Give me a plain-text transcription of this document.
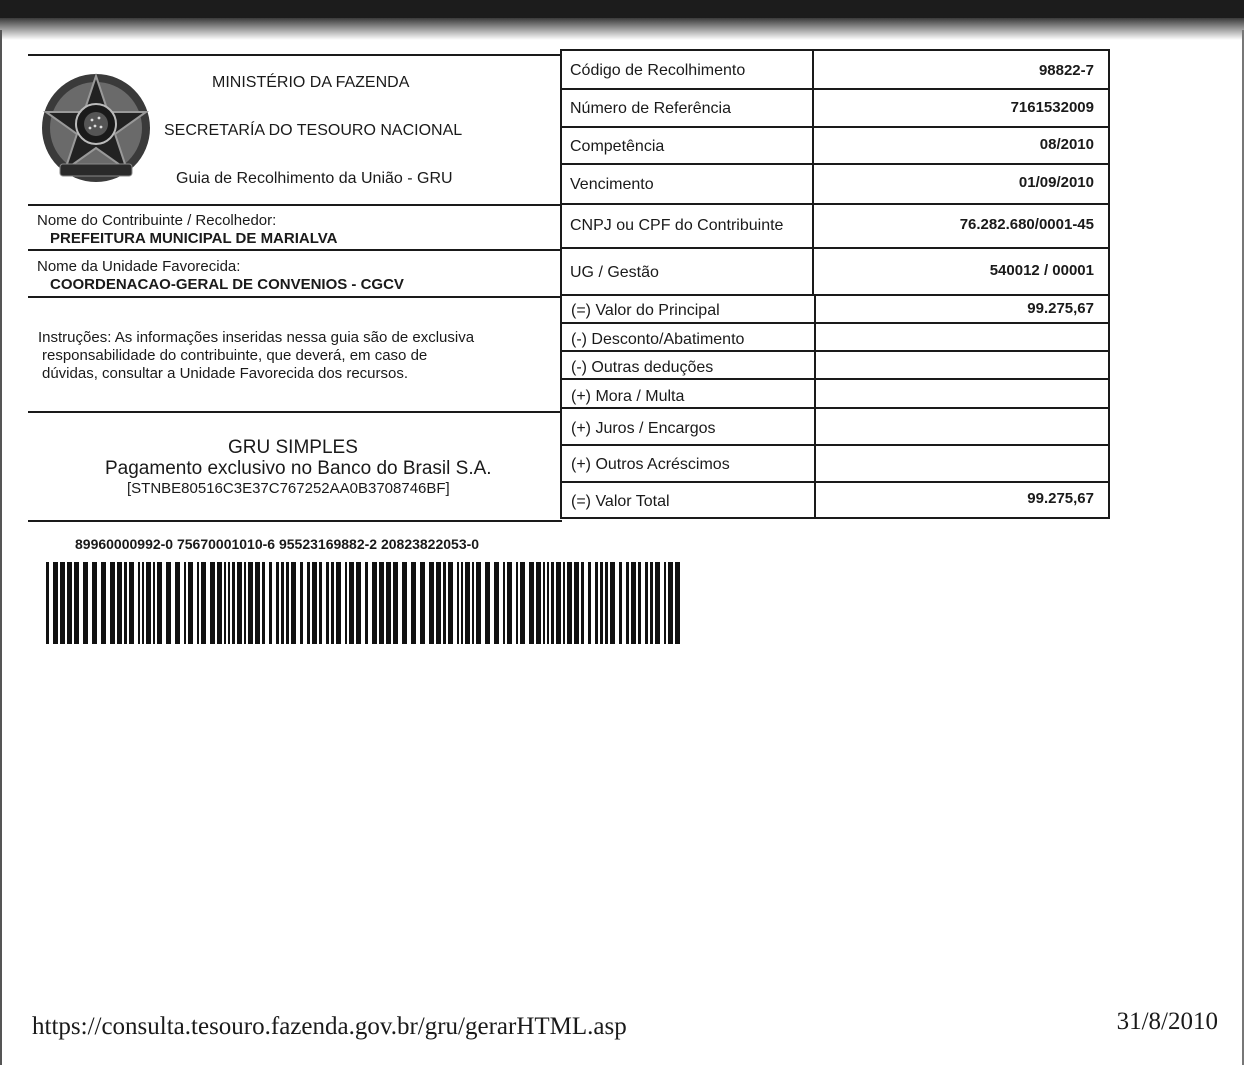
MINISTÉRIO DA FAZENDA
SECRETARÍA DO TESOURO NACIONAL
Guia de Recolhimento da União - GRU
Nome do Contribuinte / Recolhedor:
PREFEITURA MUNICIPAL DE MARIALVA
Nome da Unidade Favorecida:
COORDENACAO-GERAL DE CONVENIOS - CGCV
Instruções: As informações inseridas nessa guia são de exclusiva
responsabilidade do contribuinte, que deverá, em caso de
dúvidas, consultar a Unidade Favorecida dos recursos.
GRU SIMPLES
Pagamento exclusivo no Banco do Brasil S.A.
[STNBE80516C3E37C767252AA0B3708746BF]
Código de Recolhimento	98822-7
Número de Referência	7161532009
Competência	08/2010
Vencimento	01/09/2010
CNPJ ou CPF do Contribuinte	76.282.680/0001-45
UG / Gestão	540012 / 00001
(=) Valor do Principal	99.275,67
(-) Desconto/Abatimento
(-) Outras deduções
(+) Mora / Multa
(+) Juros / Encargos
(+) Outros Acréscimos
(=) Valor Total	99.275,67
89960000992-0 75670001010-6 95523169882-2 20823822053-0
https://consulta.tesouro.fazenda.gov.br/gru/gerarHTML.asp	31/8/2010
